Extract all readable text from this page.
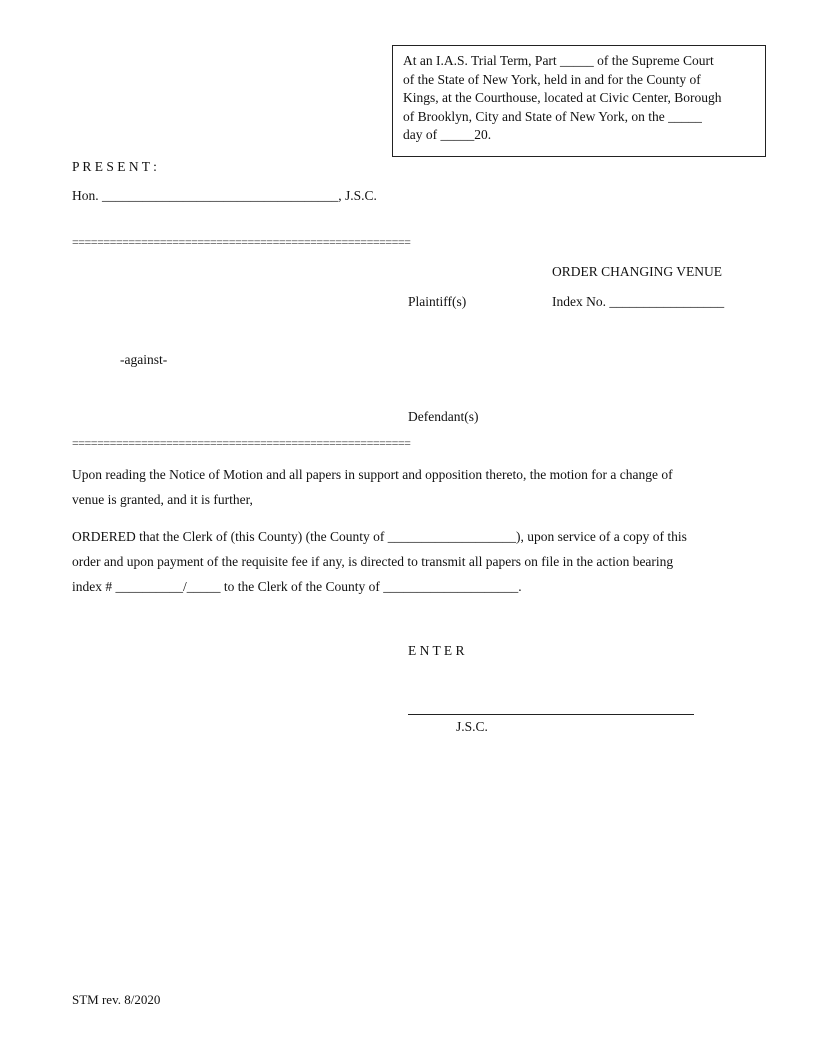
At an I.A.S. Trial Term, Part _____ of the Supreme Court
of the State of New York, held in and for the County of
Kings, at the Courthouse, located at Civic Center, Borough
of Brooklyn, City and State of New York, on the _____
day of _____20.
P R E S E N T :
Hon. ___________________________________, J.S.C.
======================================================
ORDER CHANGING VENUE
Plaintiff(s)	Index No. _________________
-against-
Defendant(s)
======================================================
Upon reading the Notice of Motion and all papers in support and opposition thereto, the motion for a change of
venue is granted, and it is further,
ORDERED that the Clerk of (this County) (the County of ___________________), upon service of a copy of this
order and upon payment of the requisite fee if any, is directed to transmit all papers on file in the action bearing
index # __________/_____ to the Clerk of the County of ____________________.
E N T E R
J.S.C.
STM rev. 8/2020
